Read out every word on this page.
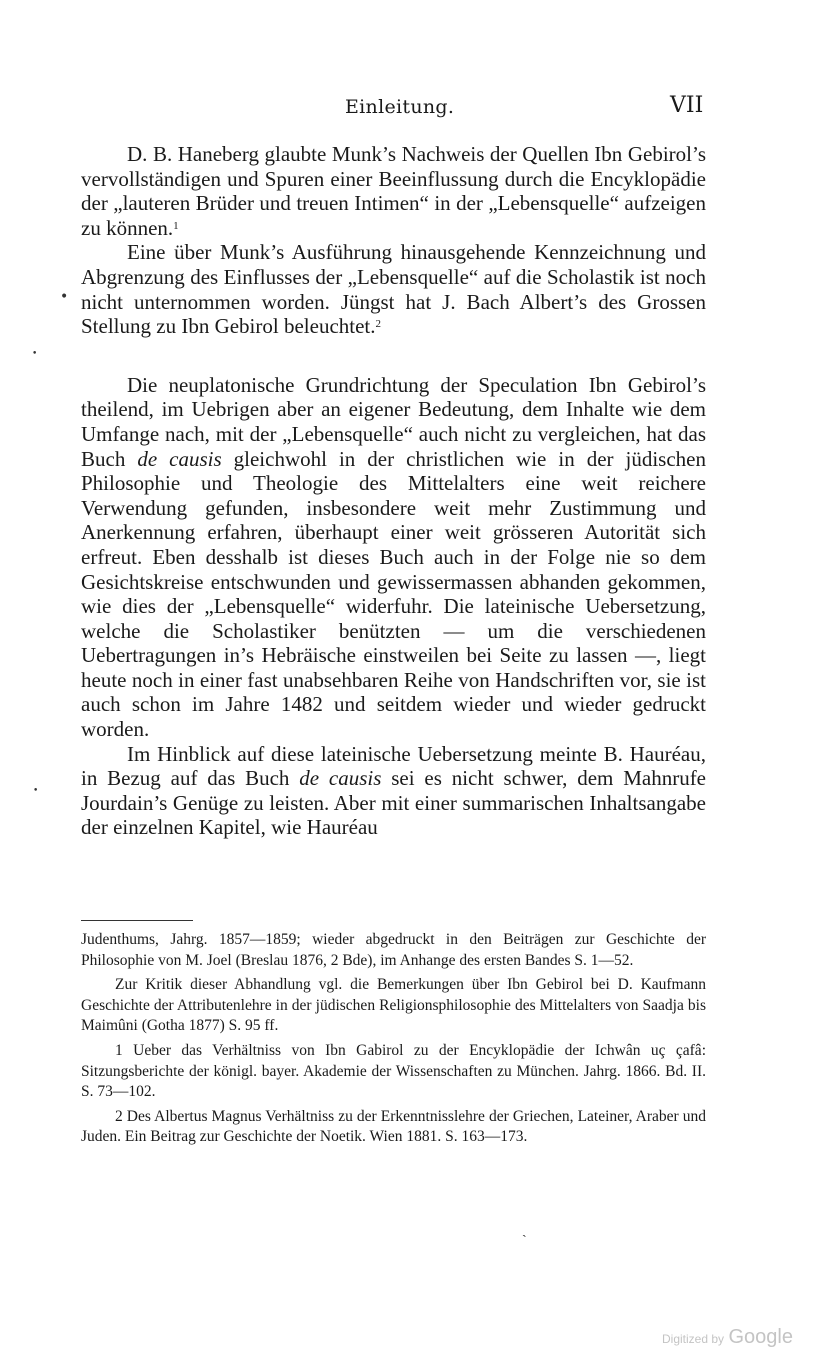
Einleitung.	VII

D. B. Haneberg glaubte Munk’s Nachweis der Quellen Ibn Gebirol’s vervollständigen und Spuren einer Beeinflussung durch die Encyklopädie der „lauteren Brüder und treuen Intimen“ in der „Lebensquelle“ aufzeigen zu können.$^1$

Eine über Munk’s Ausführung hinausgehende Kennzeichnung und Abgrenzung des Einflusses der „Lebensquelle“ auf die Scholastik ist noch nicht unternommen worden. Jüngst hat J. Bach Albert’s des Grossen Stellung zu Ibn Gebirol beleuchtet.$^2$

Die neuplatonische Grundrichtung der Speculation Ibn Gebirol’s theilend, im Uebrigen aber an eigener Bedeutung, dem Inhalte wie dem Umfange nach, mit der „Lebensquelle“ auch nicht zu vergleichen, hat das Buch de causis gleichwohl in der christlichen wie in der jüdischen Philosophie und Theologie des Mittelalters eine weit reichere Verwendung gefunden, insbesondere weit mehr Zustimmung und Anerkennung erfahren, überhaupt einer weit grösseren Autorität sich erfreut. Eben desshalb ist dieses Buch auch in der Folge nie so dem Gesichtskreise entschwunden und gewissermassen abhanden gekommen, wie dies der „Lebensquelle“ widerfuhr. Die lateinische Uebersetzung, welche die Scholastiker benützten — um die verschiedenen Uebertragungen in’s Hebräische einstweilen bei Seite zu lassen —, liegt heute noch in einer fast unabsehbaren Reihe von Handschriften vor, sie ist auch schon im Jahre 1482 und seitdem wieder und wieder gedruckt worden.

Im Hinblick auf diese lateinische Uebersetzung meinte B. Hauréau, in Bezug auf das Buch de causis sei es nicht schwer, dem Mahnrufe Jourdain’s Genüge zu leisten. Aber mit einer summarischen Inhaltsangabe der einzelnen Kapitel, wie Hauréau

Judenthums, Jahrg. 1857—1859; wieder abgedruckt in den Beiträgen zur Geschichte der Philosophie von M. Joel (Breslau 1876, 2 Bde), im Anhange des ersten Bandes S. 1—52.

Zur Kritik dieser Abhandlung vgl. die Bemerkungen über Ibn Gebirol bei D. Kaufmann Geschichte der Attributenlehre in der jüdischen Religionsphilosophie des Mittelalters von Saadja bis Maimûni (Gotha 1877) S. 95 ff.

1 Ueber das Verhältniss von Ibn Gabirol zu der Encyklopädie der Ichwân uç çafâ: Sitzungsberichte der königl. bayer. Akademie der Wissenschaften zu München. Jahrg. 1866. Bd. II. S. 73—102.

2 Des Albertus Magnus Verhältniss zu der Erkenntnisslehre der Griechen, Lateiner, Araber und Juden. Ein Beitrag zur Geschichte der Noetik. Wien 1881. S. 163—173.

•
•
•
ˏ
Digitized by Google
